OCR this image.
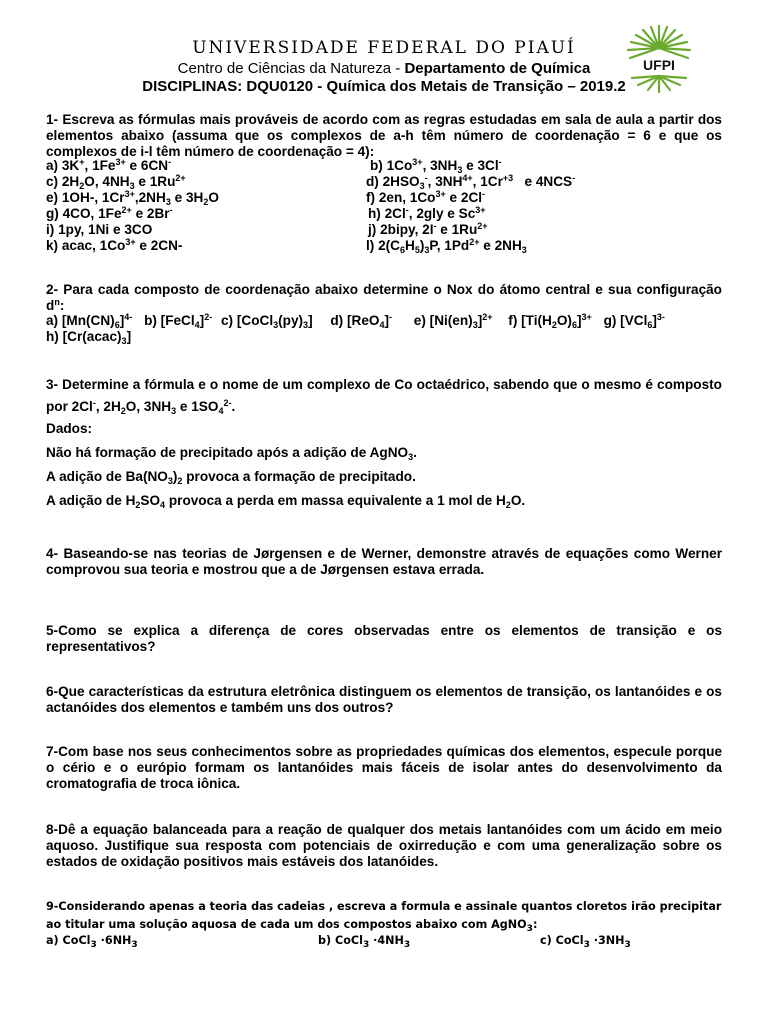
UNIVERSIDADE FEDERAL DO PIAUÍ
Centro de Ciências da Natureza - Departamento de Química
DISCIPLINAS: DQU0120 - Química dos Metais de Transição – 2019.2
UFPI
1- Escreva as fórmulas mais prováveis de acordo com as regras estudadas em sala de aula a partir dos elementos abaixo (assuma que os complexos de a-h têm número de coordenação = 6 e que os complexos de i-l têm número de coordenação = 4):
a) 3K+, $1Fe^{3+}$ e 6CN-	b) $1Co^{3+}$, $3NH_3$ e 3Cl-
c) $2H_2O$, $4NH_3$ e $1Ru^{2+}$	d) $2HSO_3^-$, $3NH^{4+}$, $1Cr^{+3}$   e 4NCS-
e) 1OH-, $1Cr^{3+},2NH_3$ e $3H_2O$	f) 2en, $1Co^{3+}$ e 2Cl-
g) 4CO, $1Fe^{2+}$ e 2Br-	h) 2Cl-, 2gly e $Sc^{3+}$
i) 1py, 1Ni e 3CO	j) 2bipy, 2I- e $1Ru^{2+}$
k) acac, $1Co^{3+}$ e 2CN-	l) $2(C_6H_5)_3P$, $1Pd^{2+}$ e $2NH_3$
2- Para cada composto de coordenação abaixo determine o Nox do átomo central e sua configuração $d^n$:
a) $[Mn(CN)_6]^{4-}$ b) [FeCl$_4$]$^{2-}$ c) $[CoCl_3(py)_3]$ d) [ReO$_4$]- e) $[Ni(en)_3]^{2+}$ f) $[Ti(H_2O)_6]^{3+}$ g) $[VCl_6]^{3-}$
h) $[Cr(acac)_3]$
3- Determine a fórmula e o nome de um complexo de Co octaédrico, sabendo que o mesmo é composto por 2Cl-, $2H_2O$, $3NH_3$ e $1SO_4^{2-}$.
Dados:
Não há formação de precipitado após a adição de AgNO$_3$.
A adição de $Ba(NO_3)_2$ provoca a formação de precipitado.
A adição de $H_2SO_4$ provoca a perda em massa equivalente a 1 mol de $H_2O$.
4- Baseando-se nas teorias de Jørgensen e de Werner, demonstre através de equações como Werner comprovou sua teoria e mostrou que a de Jørgensen estava errada.
5-Como se explica a diferença de cores observadas entre os elementos de transição e os representativos?
6-Que características da estrutura eletrônica distinguem os elementos de transição, os lantanóides e os actanóides dos elementos e também uns dos outros?
7-Com base nos seus conhecimentos sobre as propriedades químicas dos elementos, especule porque o cério e o európio formam os lantanóides mais fáceis de isolar antes do desenvolvimento da cromatografia de troca iônica.
8-Dê a equação balanceada para a reação de qualquer dos metais lantanóides com um ácido em meio aquoso. Justifique sua resposta com potenciais de oxirredução e com uma generalização sobre os estados de oxidação positivos mais estáveis dos latanóides.
9-Considerando apenas a teoria das cadeias , escreva a formula e assinale quantos cloretos irão precipitar ao titular uma solução aquosa de cada um dos compostos abaixo com AgNO$_3$:
a) CoCl$_3$ $\cdot 6NH_3$	b) CoCl$_3$ $\cdot 4NH_3$	c) CoCl$_3$ $\cdot 3NH_3$
